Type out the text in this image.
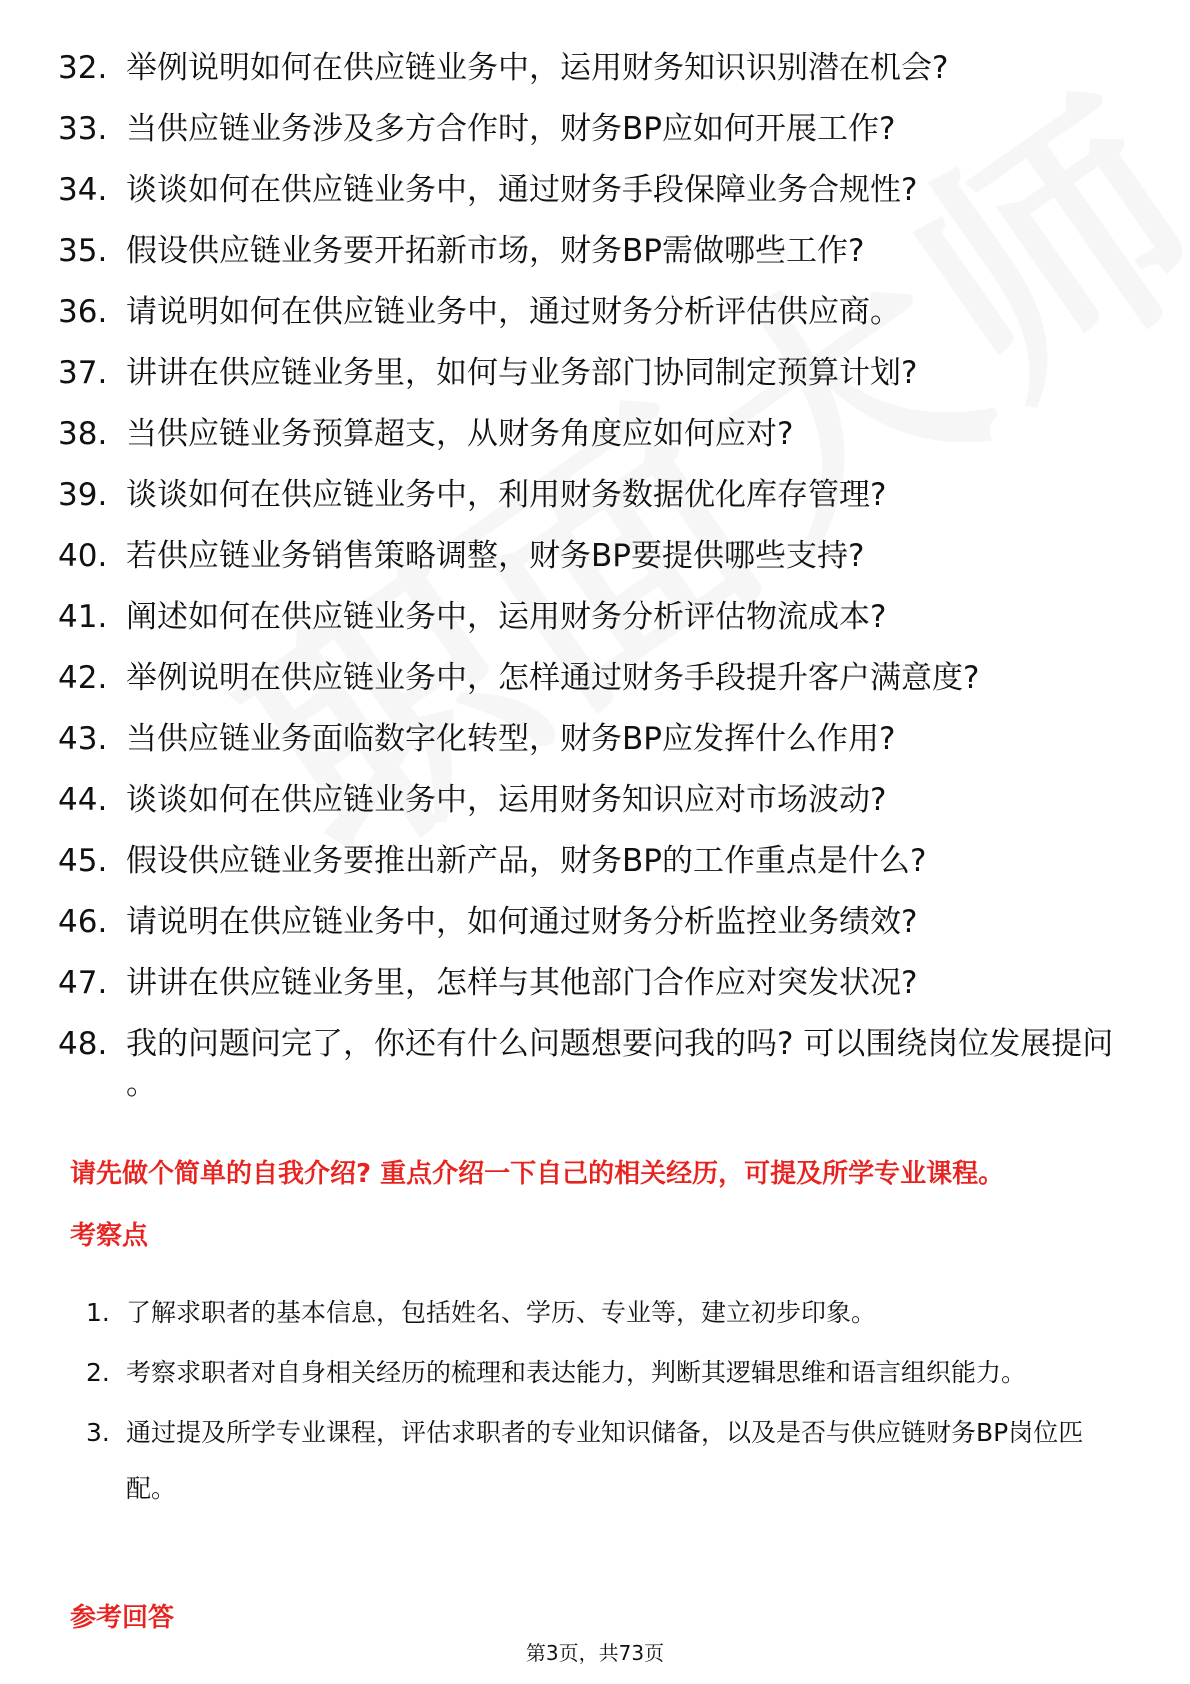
32. 举例说明如何在供应链业务中，运用财务知识识别潜在机会?
33. 当供应链业务涉及多方合作时，财务BP应如何开展工作?
34. 谈谈如何在供应链业务中，通过财务手段保障业务合规性?
35. 假设供应链业务要开拓新市场，财务BP需做哪些工作?
36. 请说明如何在供应链业务中，通过财务分析评估供应商。
37. 讲讲在供应链业务里，如何与业务部门协同制定预算计划?
38. 当供应链业务预算超支，从财务角度应如何应对?
39. 谈谈如何在供应链业务中，利用财务数据优化库存管理?
40. 若供应链业务销售策略调整，财务BP要提供哪些支持?
41. 阐述如何在供应链业务中，运用财务分析评估物流成本?
42. 举例说明在供应链业务中，怎样通过财务手段提升客户满意度?
43. 当供应链业务面临数字化转型，财务BP应发挥什么作用?
44. 谈谈如何在供应链业务中，运用财务知识应对市场波动?
45. 假设供应链业务要推出新产品，财务BP的工作重点是什么?
46. 请说明在供应链业务中，如何通过财务分析监控业务绩效?
47. 讲讲在供应链业务里，怎样与其他部门合作应对突发状况?
48. 我的问题问完了，你还有什么问题想要问我的吗? 可以围绕岗位发展提问 。
请先做个简单的自我介绍? 重点介绍一下自己的相关经历，可提及所学专业课程。
考察点
1. 了解求职者的基本信息，包括姓名、学历、专业等，建立初步印象。
2. 考察求职者对自身相关经历的梳理和表达能力，判断其逻辑思维和语言组织能力。
3. 通过提及所学专业课程，评估求职者的专业知识储备，以及是否与供应链财务BP岗位匹配。
参考回答
第3页，共73页
